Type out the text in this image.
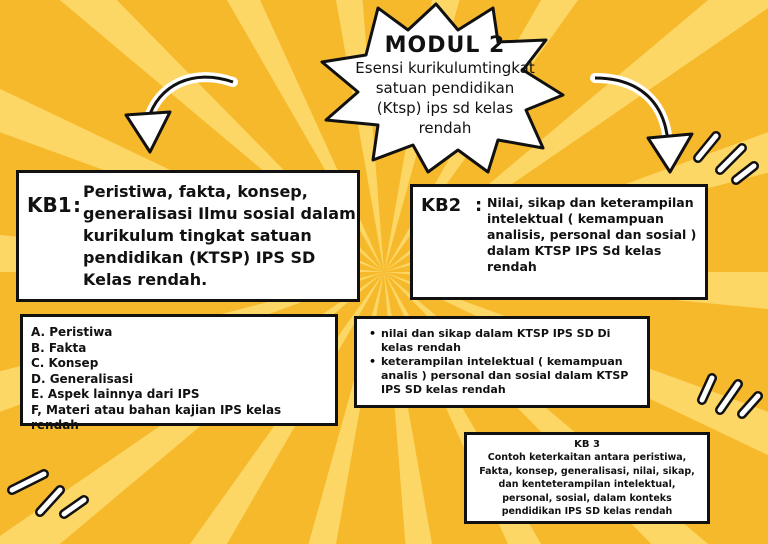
MODUL 2
Esensi kurikulumtingkat
satuan pendidikan
(Ktsp) ips sd kelas
rendah
KB1 :
Peristiwa, fakta, konsep,
generalisasi Ilmu sosial dalam
kurikulum tingkat satuan
pendidikan (KTSP) IPS SD
Kelas rendah.
A. Peristiwa
B. Fakta
C. Konsep
D. Generalisasi
E. Aspek lainnya dari IPS
F, Materi atau bahan kajian IPS kelas rendah
KB2 : Nilai, sikap dan keterampilan
intelektual ( kemampuan
analisis, personal dan sosial )
dalam KTSP IPS Sd kelas
rendah
• nilai dan sikap dalam KTSP IPS SD Di
kelas rendah
• keterampilan intelektual ( kemampuan
analis ) personal dan sosial dalam KTSP
IPS SD kelas rendah
KB 3
Contoh keterkaitan antara peristiwa,
Fakta, konsep, generalisasi, nilai, sikap,
dan kenteterampilan intelektual,
personal, sosial, dalam konteks
pendidikan IPS SD kelas rendah
